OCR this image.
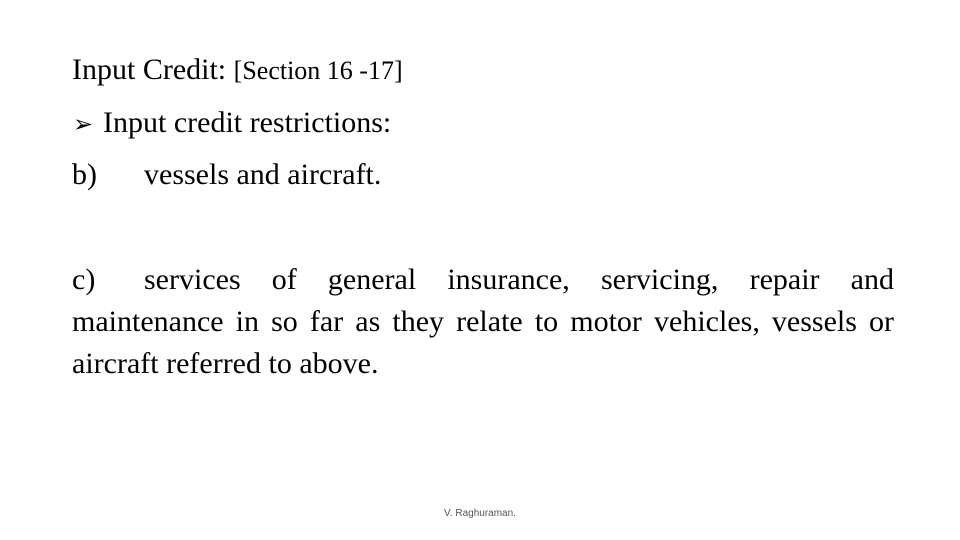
Input Credit: [Section 16 -17]
➢ Input credit restrictions:
b) vessels and aircraft.
c) services of general insurance, servicing, repair and maintenance in so far as they relate to motor vehicles, vessels or aircraft referred to above.
V. Raghuraman.
